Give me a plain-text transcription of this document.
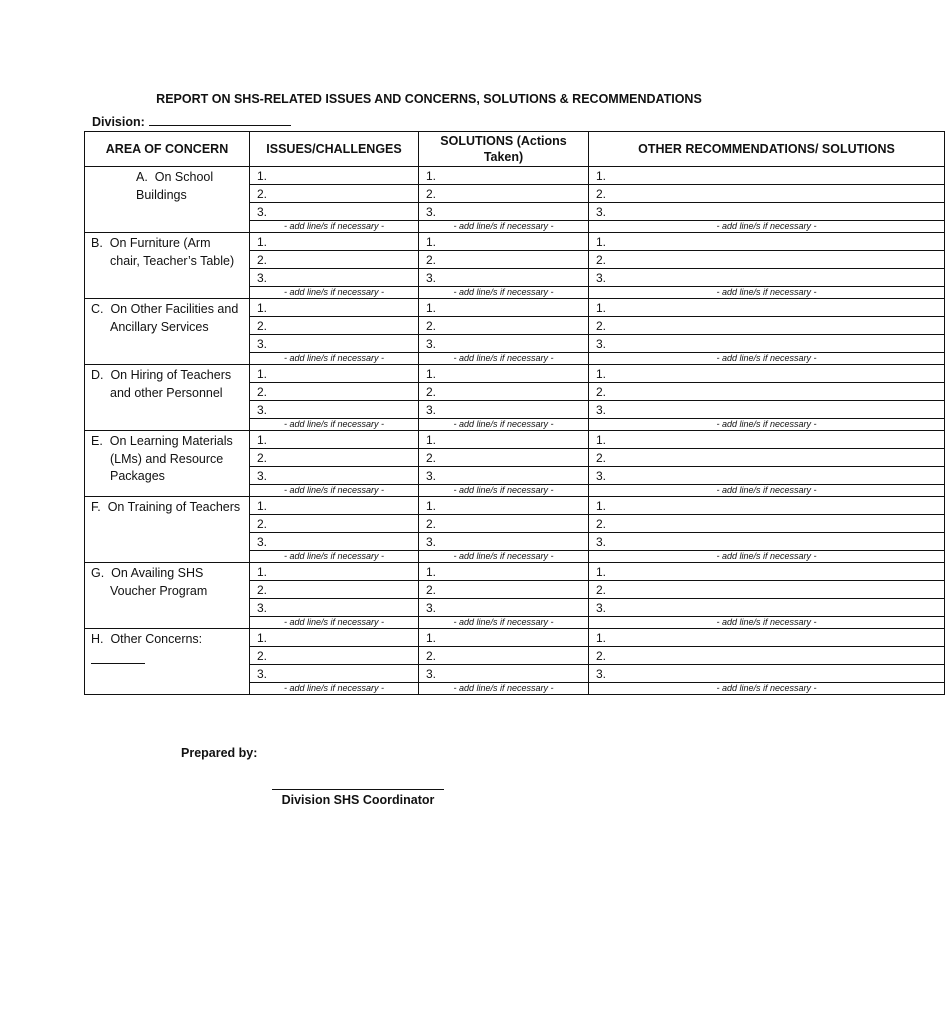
REPORT ON SHS-RELATED ISSUES AND CONCERNS, SOLUTIONS & RECOMMENDATIONS
Division:
AREA OF CONCERN	ISSUES/CHALLENGES	SOLUTIONS (Actions Taken)	OTHER RECOMMENDATIONS/ SOLUTIONS

A. On School Buildings	1.	1.	1.
	2.	2.	2.
	3.	3.	3.
	- add line/s if necessary -	- add line/s if necessary -	- add line/s if necessary -

B. On Furniture (Arm chair, Teacher’s Table)	1.	1.	1.
	2.	2.	2.
	3.	3.	3.
	- add line/s if necessary -	- add line/s if necessary -	- add line/s if necessary -

C. On Other Facilities and Ancillary Services	1.	1.	1.
	2.	2.	2.
	3.	3.	3.
	- add line/s if necessary -	- add line/s if necessary -	- add line/s if necessary -

D. On Hiring of Teachers and other Personnel	1.	1.	1.
	2.	2.	2.
	3.	3.	3.
	- add line/s if necessary -	- add line/s if necessary -	- add line/s if necessary -

E. On Learning Materials (LMs) and Resource Packages	1.	1.	1.
	2.	2.	2.
	3.	3.	3.
	- add line/s if necessary -	- add line/s if necessary -	- add line/s if necessary -

F. On Training of Teachers	1.	1.	1.
	2.	2.	2.
	3.	3.	3.
	- add line/s if necessary -	- add line/s if necessary -	- add line/s if necessary -

G. On Availing SHS Voucher Program	1.	1.	1.
	2.	2.	2.
	3.	3.	3.
	- add line/s if necessary -	- add line/s if necessary -	- add line/s if necessary -

H. Other Concerns:	1.	1.	1.
	2.	2.	2.
	3.	3.	3.
	- add line/s if necessary -	- add line/s if necessary -	- add line/s if necessary -
Prepared by:
Division SHS Coordinator
